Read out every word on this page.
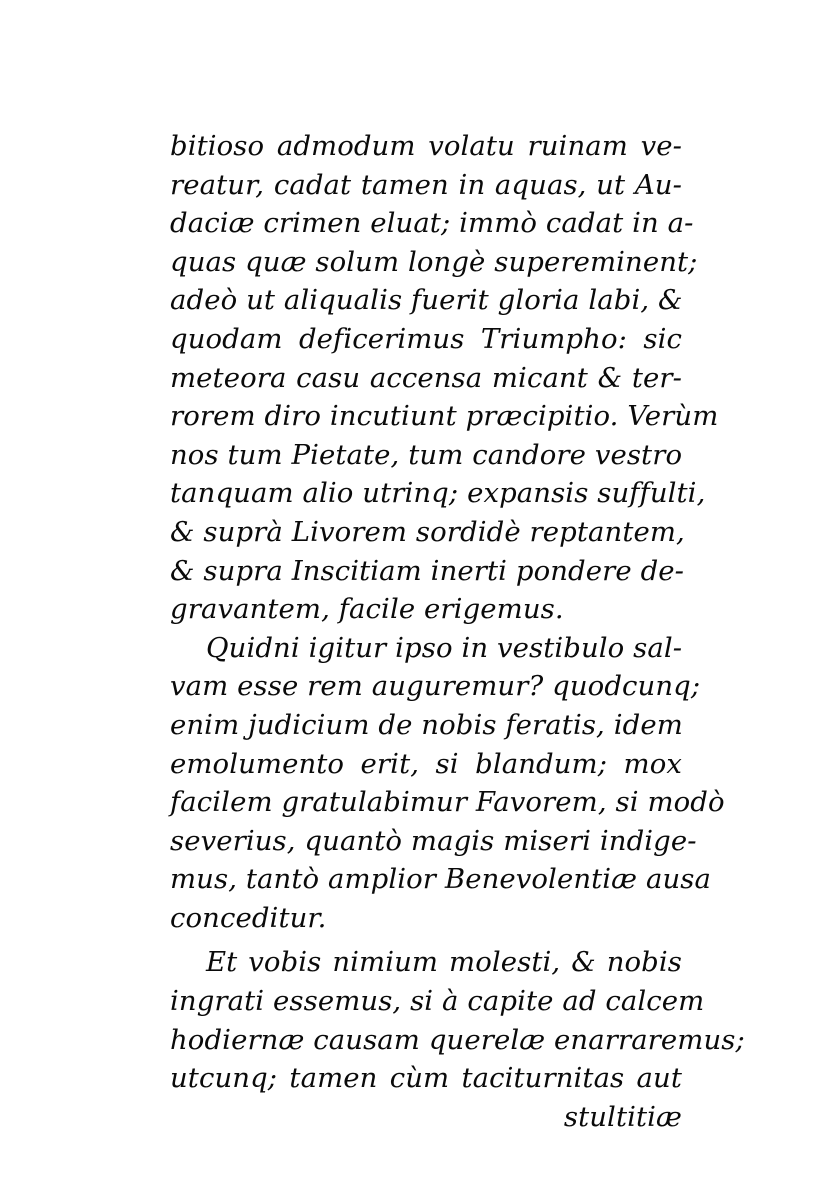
bitioso admodum volatu ruinam ve-
reatur, cadat tamen in aquas, ut Au-
daciæ crimen eluat; immò cadat in a-
quas quæ solum longè supereminent;
adeò ut aliqualis fuerit gloria labi, &
quodam deficerimus Triumpho: sic
meteora casu accensa micant & ter-
rorem diro incutiunt præcipitio. Verùm
nos tum Pietate, tum candore vestro
tanquam alio utrinq; expansis suffulti,
& suprà Livorem sordidè reptantem,
& supra Inscitiam inerti pondere de-
gravantem, facile erigemus.
Quidni igitur ipso in vestibulo sal-
vam esse rem auguremur? quodcunq;
enim judicium de nobis feratis, idem
emolumento erit, si blandum; mox
facilem gratulabimur Favorem, si modò
severius, quantò magis miseri indige-
mus, tantò amplior Benevolentiæ ausa
conceditur.
Et vobis nimium molesti, & nobis
ingrati essemus, si à capite ad calcem
hodiernæ causam querelæ enarraremus;
utcunq; tamen cùm taciturnitas aut
stultitiæ
